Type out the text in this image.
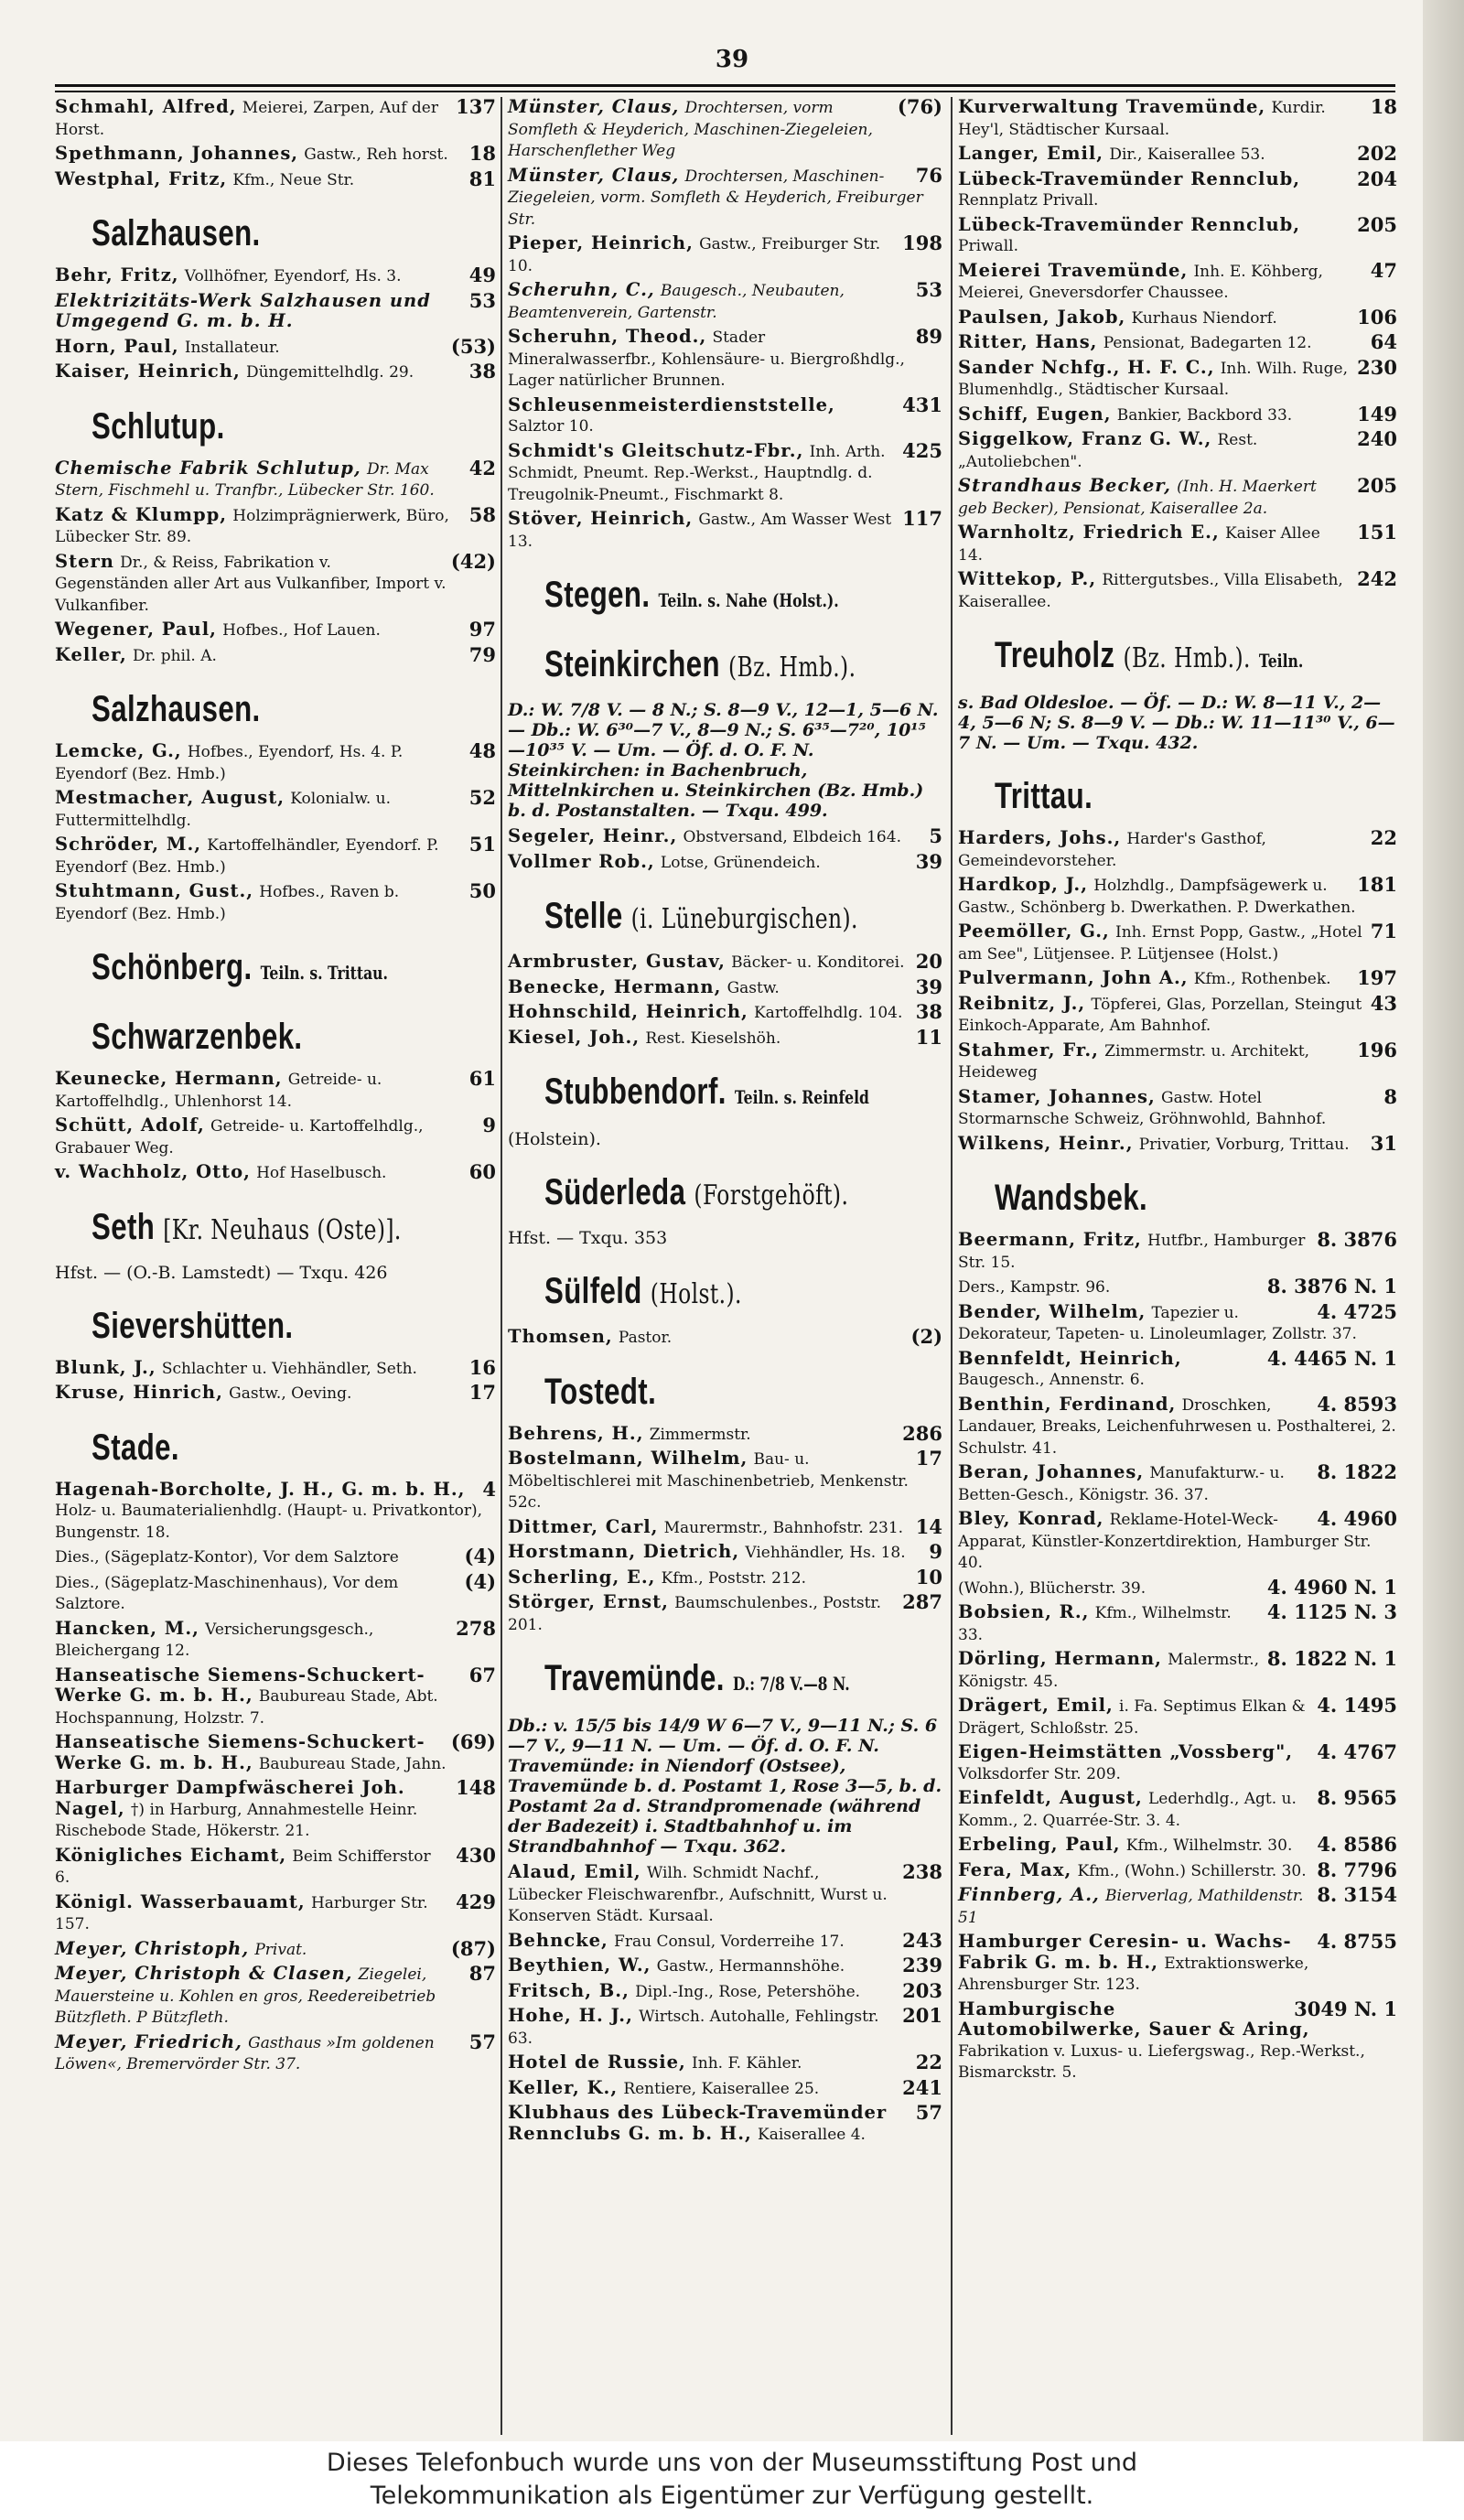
39
137
Schmahl, Alfred, Meierei, Zarpen, Auf der Horst.
18
Spethmann, Johannes, Gastw., Reh horst.
81
Westphal, Fritz, Kfm., Neue Str.
Salzhausen.
49
Behr, Fritz, Vollhöfner, Eyendorf, Hs. 3.
53
Elektrizitäts-Werk Salzhausen und Umgegend G. m. b. H.
(53)
Horn, Paul, Installateur.
38
Kaiser, Heinrich, Düngemittelhdlg. 29.
Schlutup.
42
Chemische Fabrik Schlutup, Dr. Max Stern, Fischmehl u. Tranfbr., Lübecker Str. 160.
58
Katz & Klumpp, Holzimprägnierwerk, Büro, Lübecker Str. 89.
(42)
Stern Dr., & Reiss, Fabrikation v. Gegenständen aller Art aus Vulkanfiber, Import v. Vulkanfiber.
97
Wegener, Paul, Hofbes., Hof Lauen.
79
Keller, Dr. phil. A.
Salzhausen.
48
Lemcke, G., Hofbes., Eyendorf, Hs. 4. P. Eyendorf (Bez. Hmb.)
52
Mestmacher, August, Kolonialw. u. Futtermittelhdlg.
51
Schröder, M., Kartoffelhändler, Eyendorf. P. Eyendorf (Bez. Hmb.)
50
Stuhtmann, Gust., Hofbes., Raven b. Eyendorf (Bez. Hmb.)
Schönberg. Teiln. s. Trittau.
Schwarzenbek.
61
Keunecke, Hermann, Getreide- u. Kartoffelhdlg., Uhlenhorst 14.
9
Schütt, Adolf, Getreide- u. Kartoffelhdlg., Grabauer Weg.
60
v. Wachholz, Otto, Hof Haselbusch.
Seth [Kr. Neuhaus (Oste)].
Hfst. — (O.-B. Lamstedt) — Txqu. 426
Sievershütten.
16
Blunk, J., Schlachter u. Viehhändler, Seth.
17
Kruse, Hinrich, Gastw., Oeving.
Stade.
4
Hagenah-Borcholte, J. H., G. m. b. H., Holz- u. Baumaterialienhdlg. (Haupt- u. Privatkontor), Bungenstr. 18.
(4)
Dies., (Sägeplatz-Kontor), Vor dem Salztore
(4)
Dies., (Sägeplatz-Maschinenhaus), Vor dem Salztore.
278
Hancken, M., Versicherungsgesch., Bleichergang 12.
67
Hanseatische Siemens-Schuckert-Werke G. m. b. H., Baubureau Stade, Abt. Hochspannung, Holzstr. 7.
(69)
Hanseatische Siemens-Schuckert-Werke G. m. b. H., Baubureau Stade, Jahn.
148
Harburger Dampfwäscherei Joh. Nagel, †) in Harburg, Annahmestelle Heinr. Rischebode Stade, Hökerstr. 21.
430
Königliches Eichamt, Beim Schifferstor 6.
429
Königl. Wasserbauamt, Harburger Str. 157.
(87)
Meyer, Christoph, Privat.
87
Meyer, Christoph & Clasen, Ziegelei, Mauersteine u. Kohlen en gros, Reedereibetrieb Bützfleth. P Bützfleth.
57
Meyer, Friedrich, Gasthaus »Im goldenen Löwen«, Bremervörder Str. 37.
(76)
Münster, Claus, Drochtersen, vorm Somfleth & Heyderich, Maschinen-Ziegeleien, Harschenflether Weg
76
Münster, Claus, Drochtersen, Maschinen-Ziegeleien, vorm. Somfleth & Heyderich, Freiburger Str.
198
Pieper, Heinrich, Gastw., Freiburger Str. 10.
53
Scheruhn, C., Baugesch., Neubauten, Beamtenverein, Gartenstr.
89
Scheruhn, Theod., Stader Mineralwasserfbr., Kohlensäure- u. Biergroßhdlg., Lager natürlicher Brunnen.
431
Schleusenmeisterdienststelle, Salztor 10.
425
Schmidt's Gleitschutz-Fbr., Inh. Arth. Schmidt, Pneumt. Rep.-Werkst., Hauptndlg. d. Treugolnik-Pneumt., Fischmarkt 8.
117
Stöver, Heinrich, Gastw., Am Wasser West 13.
Stegen. Teiln. s. Nahe (Holst.).
Steinkirchen (Bz. Hmb.).
D.: W. 7/8 V. — 8 N.; S. 8—9 V., 12—1, 5—6 N. — Db.: W. 6³⁰—7 V., 8—9 N.; S. 6³⁵—7²⁰, 10¹⁵—10³⁵ V. — Um. — Öf. d. O. F. N. Steinkirchen: in Bachenbruch, Mittelnkirchen u. Steinkirchen (Bz. Hmb.) b. d. Postanstalten. — Txqu. 499.
5
Segeler, Heinr., Obstversand, Elbdeich 164.
39
Vollmer Rob., Lotse, Grünendeich.
Stelle (i. Lüneburgischen).
20
Armbruster, Gustav, Bäcker- u. Konditorei.
39
Benecke, Hermann, Gastw.
38
Hohnschild, Heinrich, Kartoffelhdlg. 104.
11
Kiesel, Joh., Rest. Kieselshöh.
Stubbendorf. Teiln. s. Reinfeld
(Holstein).
Süderleda (Forstgehöft).
Hfst. — Txqu. 353
Sülfeld (Holst.).
(2)
Thomsen, Pastor.
Tostedt.
286
Behrens, H., Zimmermstr.
17
Bostelmann, Wilhelm, Bau- u. Möbeltischlerei mit Maschinenbetrieb, Menkenstr. 52c.
14
Dittmer, Carl, Maurermstr., Bahnhofstr. 231.
9
Horstmann, Dietrich, Viehhändler, Hs. 18.
10
Scherling, E., Kfm., Poststr. 212.
287
Störger, Ernst, Baumschulenbes., Poststr. 201.
Travemünde. D.: 7/8 V.—8 N.
Db.: v. 15/5 bis 14/9 W 6—7 V., 9—11 N.; S. 6—7 V., 9—11 N. — Um. — Öf. d. O. F. N. Travemünde: in Niendorf (Ostsee), Travemünde b. d. Postamt 1, Rose 3—5, b. d. Postamt 2a d. Strandpromenade (während der Badezeit) i. Stadtbahnhof u. im Strandbahnhof — Txqu. 362.
238
Alaud, Emil, Wilh. Schmidt Nachf., Lübecker Fleischwarenfbr., Aufschnitt, Wurst u. Konserven Städt. Kursaal.
243
Behncke, Frau Consul, Vorderreihe 17.
239
Beythien, W., Gastw., Hermannshöhe.
203
Fritsch, B., Dipl.-Ing., Rose, Petershöhe.
201
Hohe, H. J., Wirtsch. Autohalle, Fehlingstr. 63.
22
Hotel de Russie, Inh. F. Kähler.
241
Keller, K., Rentiere, Kaiserallee 25.
57
Klubhaus des Lübeck-Travemünder Rennclubs G. m. b. H., Kaiserallee 4.
18
Kurverwaltung Travemünde, Kurdir. Hey'l, Städtischer Kursaal.
202
Langer, Emil, Dir., Kaiserallee 53.
204
Lübeck-Travemünder Rennclub, Rennplatz Privall.
205
Lübeck-Travemünder Rennclub, Priwall.
47
Meierei Travemünde, Inh. E. Köhberg, Meierei, Gneversdorfer Chaussee.
106
Paulsen, Jakob, Kurhaus Niendorf.
64
Ritter, Hans, Pensionat, Badegarten 12.
230
Sander Nchfg., H. F. C., Inh. Wilh. Ruge, Blumenhdlg., Städtischer Kursaal.
149
Schiff, Eugen, Bankier, Backbord 33.
240
Siggelkow, Franz G. W., Rest. „Autoliebchen".
205
Strandhaus Becker, (Inh. H. Maerkert geb Becker), Pensionat, Kaiserallee 2a.
151
Warnholtz, Friedrich E., Kaiser Allee 14.
242
Wittekop, P., Rittergutsbes., Villa Elisabeth, Kaiserallee.
Treuholz (Bz. Hmb.). Teiln.
s. Bad Oldesloe. — Öf. — D.: W. 8—11 V., 2—4, 5—6 N; S. 8—9 V. — Db.: W. 11—11³⁰ V., 6—7 N. — Um. — Txqu. 432.
Trittau.
22
Harders, Johs., Harder's Gasthof, Gemeindevorsteher.
181
Hardkop, J., Holzhdlg., Dampfsägewerk u. Gastw., Schönberg b. Dwerkathen. P. Dwerkathen.
71
Peemöller, G., Inh. Ernst Popp, Gastw., „Hotel am See", Lütjensee. P. Lütjensee (Holst.)
197
Pulvermann, John A., Kfm., Rothenbek.
43
Reibnitz, J., Töpferei, Glas, Porzellan, Steingut Einkoch-Apparate, Am Bahnhof.
196
Stahmer, Fr., Zimmermstr. u. Architekt, Heideweg
8
Stamer, Johannes, Gastw. Hotel Stormarnsche Schweiz, Gröhnwohld, Bahnhof.
31
Wilkens, Heinr., Privatier, Vorburg, Trittau.
Wandsbek.
8. 3876
Beermann, Fritz, Hutfbr., Hamburger Str. 15.
8. 3876 N. 1
Ders., Kampstr. 96.
4. 4725
Bender, Wilhelm, Tapezier u. Dekorateur, Tapeten- u. Linoleumlager, Zollstr. 37.
4. 4465 N. 1
Bennfeldt, Heinrich, Baugesch., Annenstr. 6.
4. 8593
Benthin, Ferdinand, Droschken, Landauer, Breaks, Leichenfuhrwesen u. Posthalterei, 2. Schulstr. 41.
8. 1822
Beran, Johannes, Manufakturw.- u. Betten-Gesch., Königstr. 36. 37.
4. 4960
Bley, Konrad, Reklame-Hotel-Weck-Apparat, Künstler-Konzertdirektion, Hamburger Str. 40.
4. 4960 N. 1
(Wohn.), Blücherstr. 39.
4. 1125 N. 3
Bobsien, R., Kfm., Wilhelmstr. 33.
8. 1822 N. 1
Dörling, Hermann, Malermstr., Königstr. 45.
4. 1495
Drägert, Emil, i. Fa. Septimus Elkan & Drägert, Schloßstr. 25.
4. 4767
Eigen-Heimstätten „Vossberg", Volksdorfer Str. 209.
8. 9565
Einfeldt, August, Lederhdlg., Agt. u. Komm., 2. Quarrée-Str. 3. 4.
4. 8586
Erbeling, Paul, Kfm., Wilhelmstr. 30.
8. 7796
Fera, Max, Kfm., (Wohn.) Schillerstr. 30.
8. 3154
Finnberg, A., Bierverlag, Mathildenstr. 51
4. 8755
Hamburger Ceresin- u. Wachs-Fabrik G. m. b. H., Extraktionswerke, Ahrensburger Str. 123.
3049 N. 1
Hamburgische Automobilwerke, Sauer & Aring, Fabrikation v. Luxus- u. Liefergswag., Rep.-Werkst., Bismarckstr. 5.
Dieses Telefonbuch wurde uns von der Museumsstiftung Post und
Telekommunikation als Eigentümer zur Verfügung gestellt.
